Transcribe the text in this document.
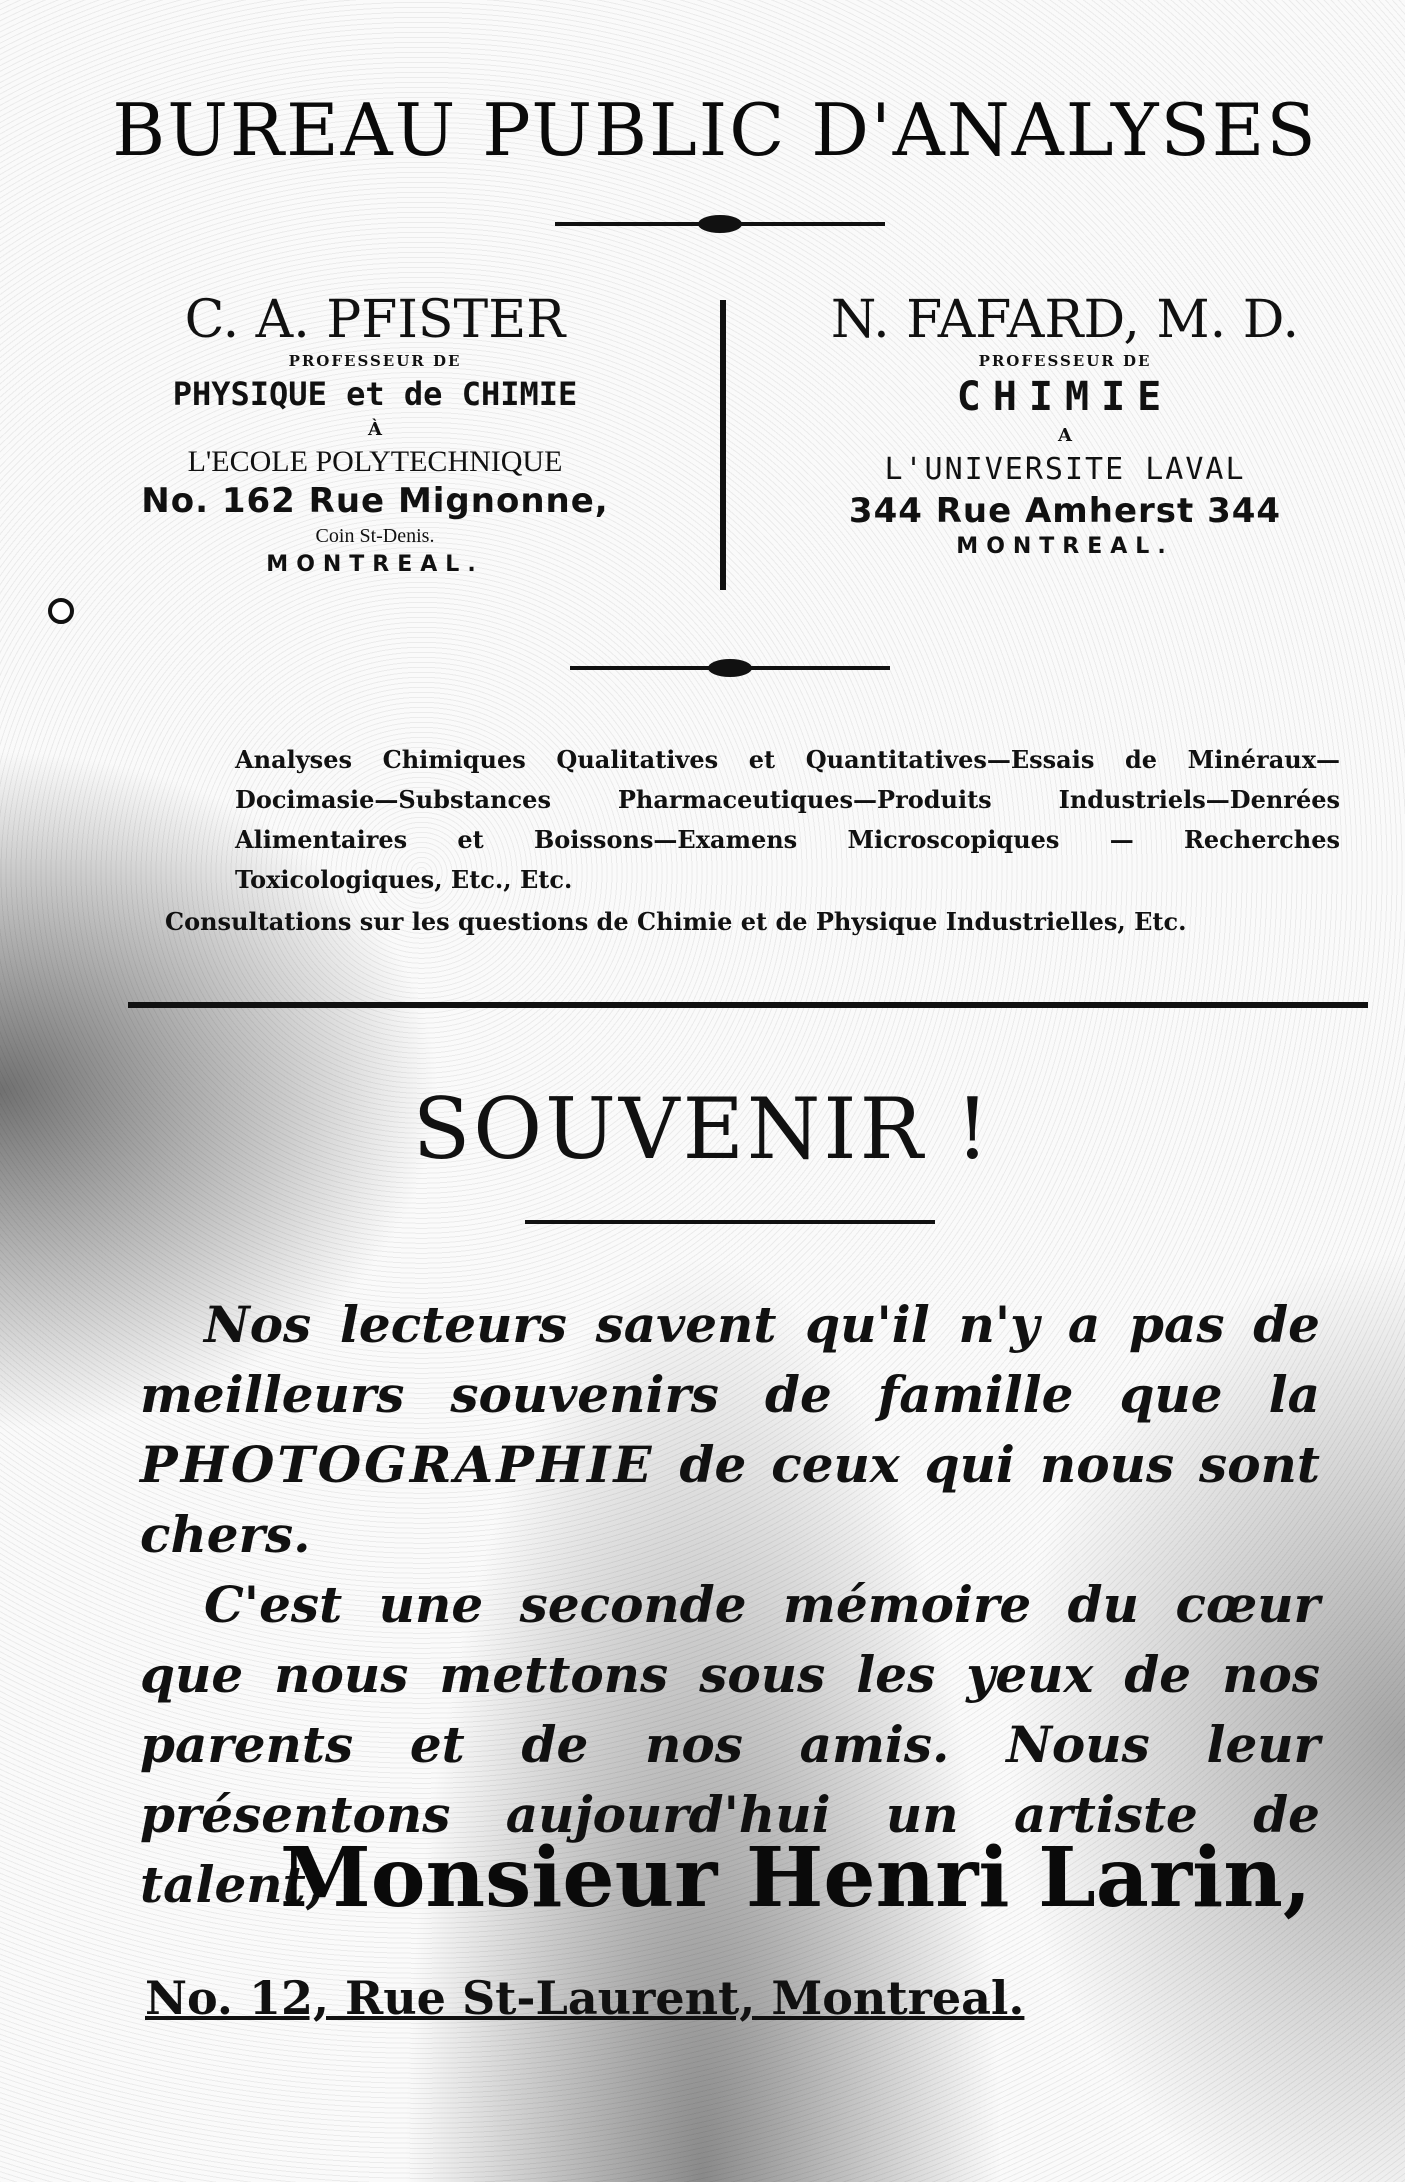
BUREAU PUBLIC D'ANALYSES
C. A. PFISTER
PROFESSEUR DE
PHYSIQUE et de CHIMIE
À
L'ECOLE POLYTECHNIQUE
No. 162 Rue Mignonne,
Coin St-Denis.
MONTREAL.
N. FAFARD, M. D.
PROFESSEUR DE
CHIMIE
A
L'UNIVERSITE LAVAL
344 Rue Amherst 344
MONTREAL.
Analyses Chimiques Qualitatives et Quantitatives—Essais de Minéraux—Docimasie—Substances Pharmaceutiques—Produits Industriels—Denrées Alimentaires et Boissons—Examens Microscopiques — Recherches Toxicologiques, Etc., Etc.
Consultations sur les questions de Chimie et de Physique Industrielles, Etc.
SOUVENIR !

Nos lecteurs savent qu'il n'y a pas de meilleurs souvenirs de famille que la PHOTOGRAPHIE de ceux qui nous sont chers.

C'est une seconde mémoire du cœur que nous mettons sous les yeux de nos parents et de nos amis. Nous leur présentons aujourd'hui un artiste de talent,

Monsieur Henri Larin,
No. 12, Rue St-Laurent, Montreal.
